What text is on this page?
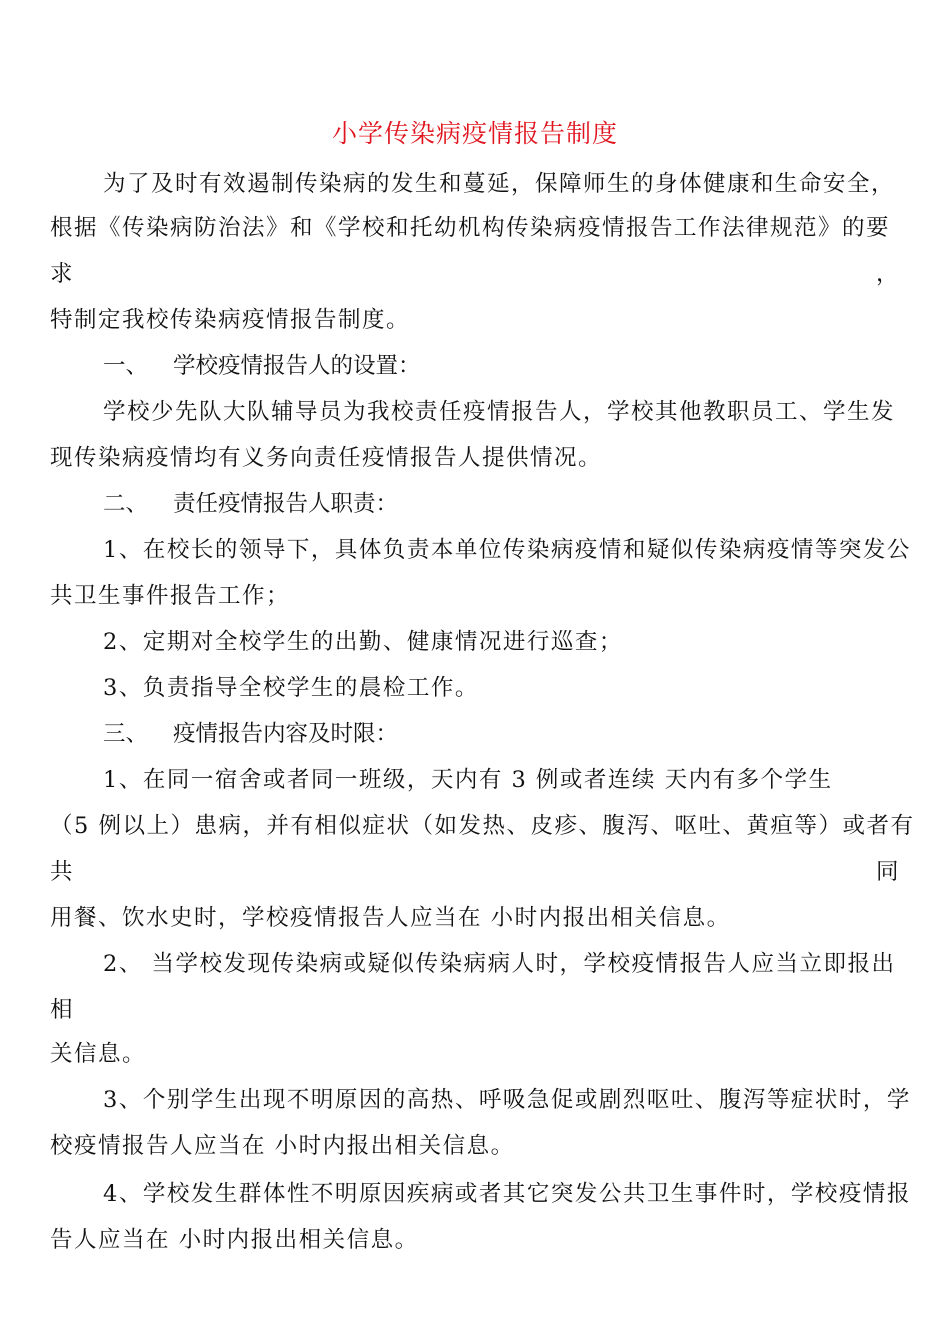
小学传染病疫情报告制度
为了及时有效遏制传染病的发生和蔓延，保障师生的身体健康和生命安全，
根据《传染病防治法》和《学校和托幼机构传染病疫情报告工作法律规范》的要
求	，
特制定我校传染病疫情报告制度。
一、 学校疫情报告人的设置：
学校少先队大队辅导员为我校责任疫情报告人，学校其他教职员工、学生发
现传染病疫情均有义务向责任疫情报告人提供情况。
二、 责任疫情报告人职责：
1、在校长的领导下，具体负责本单位传染病疫情和疑似传染病疫情等突发公
共卫生事件报告工作；
2、定期对全校学生的出勤、健康情况进行巡查；
3、负责指导全校学生的晨检工作。
三、 疫情报告内容及时限：
1、在同一宿舍或者同一班级，天内有 3 例或者连续 天内有多个学生
（5 例以上）患病，并有相似症状（如发热、皮疹、腹泻、呕吐、黄疸等）或者有
共	同
用餐、饮水史时，学校疫情报告人应当在 小时内报出相关信息。
2、 当学校发现传染病或疑似传染病病人时，学校疫情报告人应当立即报出
相
关信息。
3、个别学生出现不明原因的高热、呼吸急促或剧烈呕吐、腹泻等症状时，学
校疫情报告人应当在 小时内报出相关信息。
4、学校发生群体性不明原因疾病或者其它突发公共卫生事件时，学校疫情报
告人应当在 小时内报出相关信息。
